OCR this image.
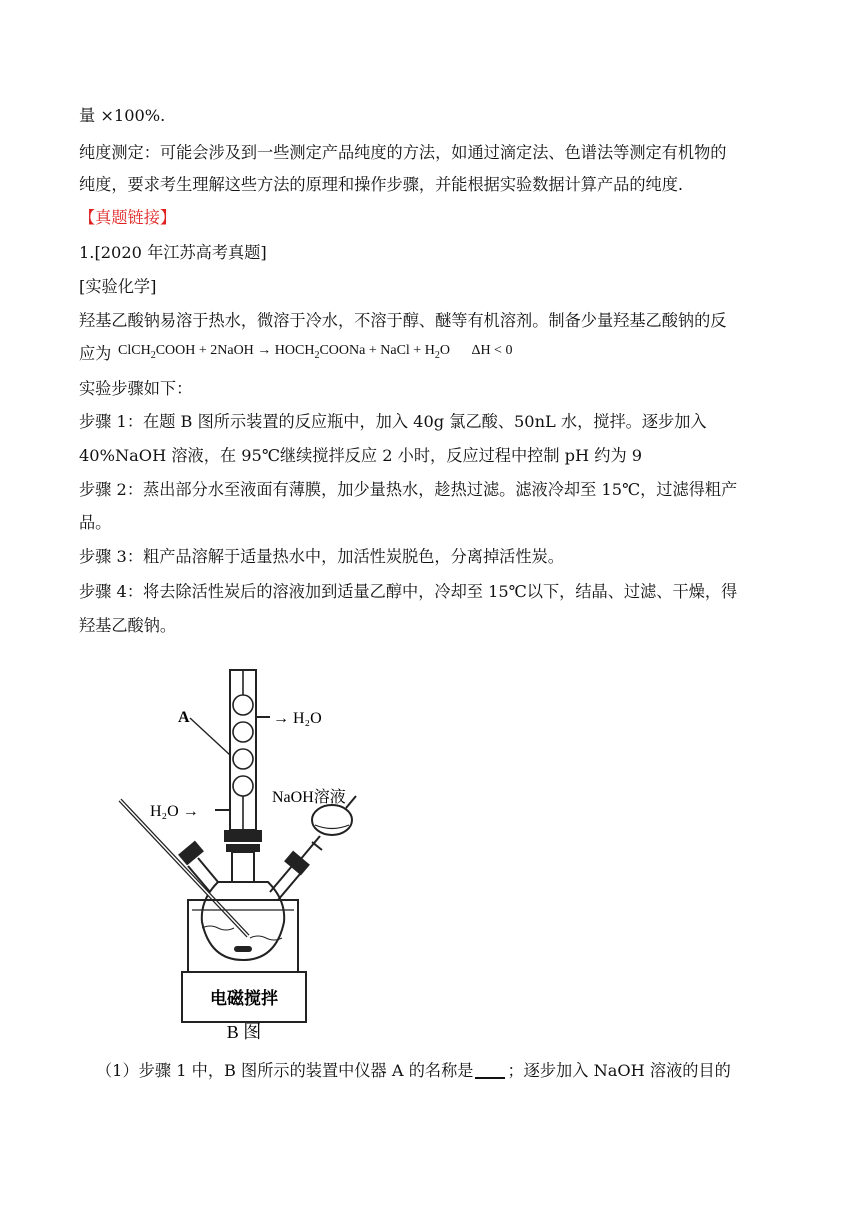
量 ×100%.
纯度测定：可能会涉及到一些测定产品纯度的方法，如通过滴定法、色谱法等测定有机物的
纯度，要求考生理解这些方法的原理和操作步骤，并能根据实验数据计算产品的纯度.
【真题链接】
1.[2020 年江苏高考真题]
[实验化学]
羟基乙酸钠易溶于热水，微溶于冷水，不溶于醇、醚等有机溶剂。制备少量羟基乙酸钠的反
应为 ClCH$_2$COOH + 2NaOH → $HOCH_2COONa$ + NaCl + $H_2O$ ΔH < 0
实验步骤如下：
步骤 1：在题 B 图所示装置的反应瓶中，加入 40g 氯乙酸、50nL 水，搅拌。逐步加入
40%NaOH 溶液，在 95℃继续搅拌反应 2 小时，反应过程中控制 pH 约为 9
步骤 2：蒸出部分水至液面有薄膜，加少量热水，趁热过滤。滤液冷却至 15℃，过滤得粗产
品。
步骤 3：粗产品溶解于适量热水中，加活性炭脱色，分离掉活性炭。
步骤 4：将去除活性炭后的溶液加到适量乙醇中，冷却至 15℃以下，结晶、过滤、干燥，得
羟基乙酸钠。
A	→ H₂O
H₂O →
NaOH溶液
电磁搅拌
B 图
（1）步骤 1 中，B 图所示的装置中仪器 A 的名称是 ；逐步加入 NaOH 溶液的目的
